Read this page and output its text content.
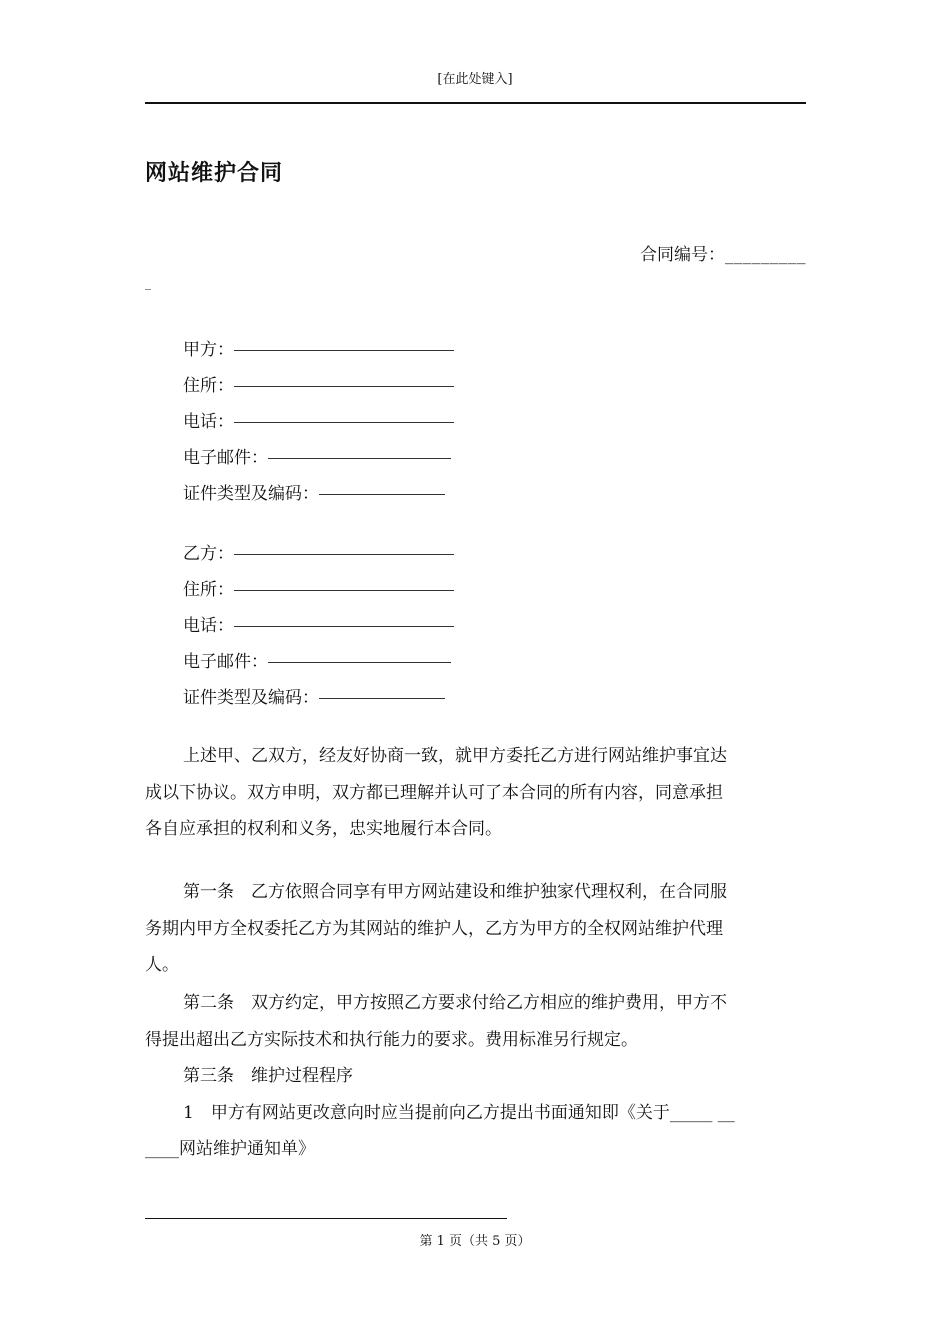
[在此处键入]
网站维护合同
合同编号：_________
_
甲方：
住所：
电话：
电子邮件：
证件类型及编码：
乙方：
住所：
电话：
电子邮件：
证件类型及编码：
上述甲、乙双方，经友好协商一致，就甲方委托乙方进行网站维护事宜达
成以下协议。双方申明，双方都已理解并认可了本合同的所有内容，同意承担
各自应承担的权利和义务，忠实地履行本合同。
第一条　乙方依照合同享有甲方网站建设和维护独家代理权利，在合同服
务期内甲方全权委托乙方为其网站的维护人，乙方为甲方的全权网站维护代理
人。
第二条　双方约定，甲方按照乙方要求付给乙方相应的维护费用，甲方不
得提出超出乙方实际技术和执行能力的要求。费用标准另行规定。
第三条　维护过程程序
1　甲方有网站更改意向时应当提前向乙方提出书面通知即《关于_____ __
____网站维护通知单》
第 1 页（共 5 页）
